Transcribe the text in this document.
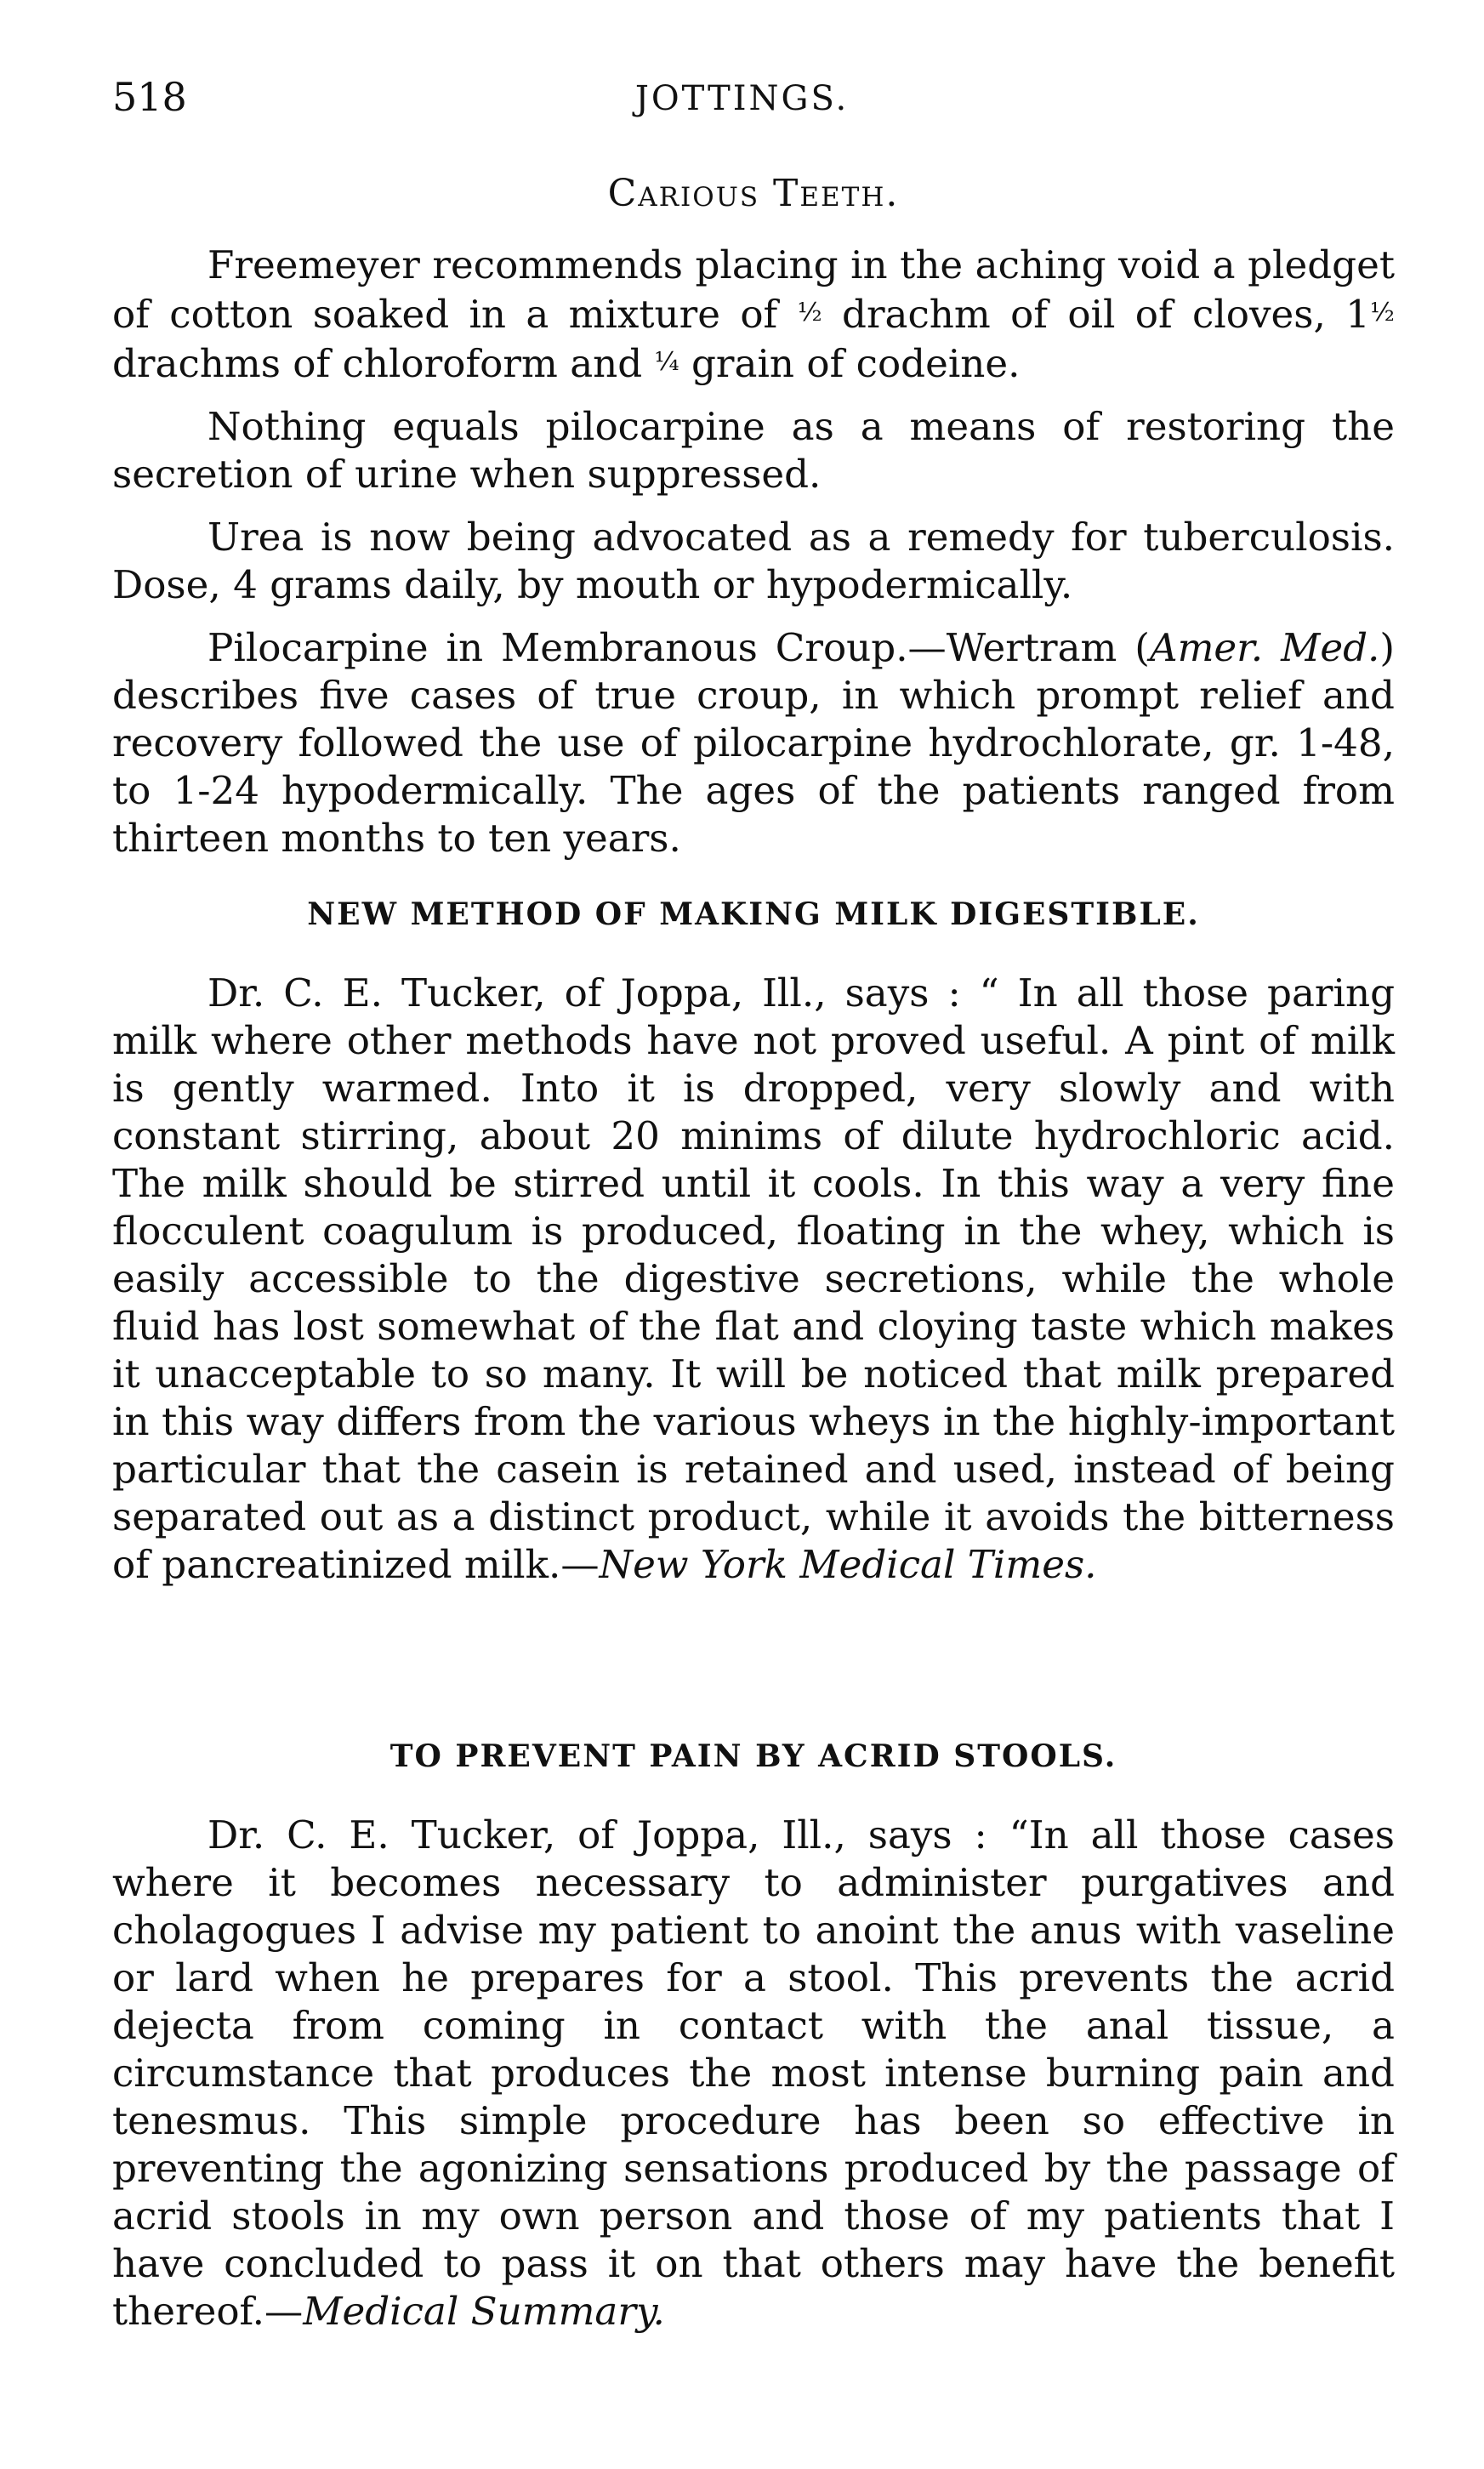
518	JOTTINGS.
Carious Teeth.

Freemeyer recommends placing in the aching void a pledget of cotton soaked in a mixture of ½ drachm of oil of cloves, 1½ drachms of chloroform and ¼ grain of codeine.

Nothing equals pilocarpine as a means of restoring the secretion of urine when suppressed.

Urea is now being advocated as a remedy for tuberculosis. Dose, 4 grams daily, by mouth or hypodermically.

Pilocarpine in Membranous Croup.—Wertram (Amer. Med.) describes five cases of true croup, in which prompt relief and recovery followed the use of pilocarpine hydrochlorate, gr. 1-48, to 1-24 hypodermically. The ages of the patients ranged from thirteen months to ten years.

NEW METHOD OF MAKING MILK DIGESTIBLE.

Dr. C. E. Tucker, of Joppa, Ill., says : “ In all those paring milk where other methods have not proved useful. A pint of milk is gently warmed. Into it is dropped, very slowly and with constant stirring, about 20 minims of dilute hydrochloric acid. The milk should be stirred until it cools. In this way a very fine flocculent coagulum is produced, floating in the whey, which is easily accessible to the digestive secretions, while the whole fluid has lost somewhat of the flat and cloying taste which makes it unacceptable to so many. It will be noticed that milk prepared in this way differs from the various wheys in the highly-important particular that the casein is retained and used, instead of being separated out as a distinct product, while it avoids the bitterness of pancreatinized milk.—New York Medical Times.

TO PREVENT PAIN BY ACRID STOOLS.

Dr. C. E. Tucker, of Joppa, Ill., says : “In all those cases where it becomes necessary to administer purgatives and cholagogues I advise my patient to anoint the anus with vaseline or lard when he prepares for a stool. This prevents the acrid dejecta from coming in contact with the anal tissue, a circumstance that produces the most intense burning pain and tenesmus. This simple procedure has been so effective in preventing the agonizing sensations produced by the passage of acrid stools in my own person and those of my patients that I have concluded to pass it on that others may have the benefit thereof.—Medical Summary.
